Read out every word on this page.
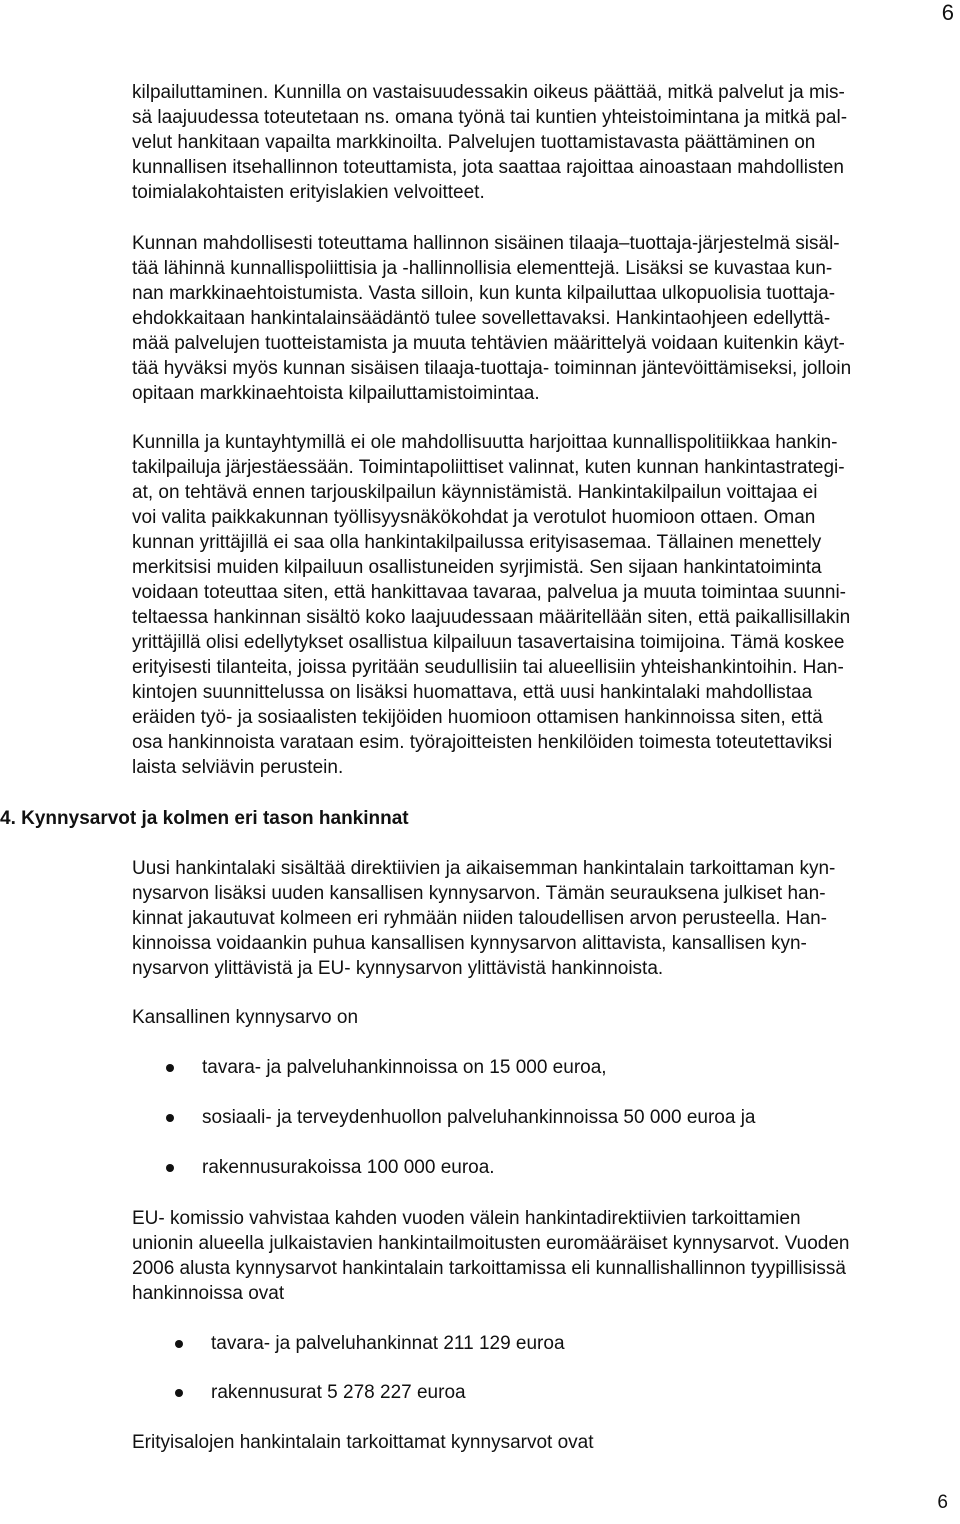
6
kilpailuttaminen. Kunnilla on vastaisuudessakin oikeus päättää, mitkä palvelut ja mis-
sä laajuudessa toteutetaan ns. omana työnä tai kuntien yhteistoimintana ja mitkä pal-
velut hankitaan vapailta markkinoilta. Palvelujen tuottamistavasta päättäminen on
kunnallisen itsehallinnon toteuttamista, jota saattaa rajoittaa ainoastaan mahdollisten
toimialakohtaisten erityislakien velvoitteet.
Kunnan mahdollisesti toteuttama hallinnon sisäinen tilaaja–tuottaja-järjestelmä sisäl-
tää lähinnä kunnallispoliittisia ja -hallinnollisia elementtejä. Lisäksi se kuvastaa kun-
nan markkinaehtoistumista. Vasta silloin, kun kunta kilpailuttaa ulkopuolisia tuottaja-
ehdokkaitaan hankintalainsäädäntö tulee sovellettavaksi. Hankintaohjeen edellyttä-
mää palvelujen tuotteistamista ja muuta tehtävien määrittelyä voidaan kuitenkin käyt-
tää hyväksi myös kunnan sisäisen tilaaja-tuottaja- toiminnan jäntevöittämiseksi, jolloin
opitaan markkinaehtoista kilpailuttamistoimintaa.
Kunnilla ja kuntayhtymillä ei ole mahdollisuutta harjoittaa kunnallispolitiikkaa hankin-
takilpailuja järjestäessään. Toimintapoliittiset valinnat, kuten kunnan hankintastrategi-
at, on tehtävä ennen tarjouskilpailun käynnistämistä. Hankintakilpailun voittajaa ei
voi valita paikkakunnan työllisyysnäkökohdat ja verotulot huomioon ottaen. Oman
kunnan yrittäjillä ei saa olla hankintakilpailussa erityisasemaa. Tällainen menettely
merkitsisi muiden kilpailuun osallistuneiden syrjimistä. Sen sijaan hankintatoiminta
voidaan toteuttaa siten, että hankittavaa tavaraa, palvelua ja muuta toimintaa suunni-
teltaessa hankinnan sisältö koko laajuudessaan määritellään siten, että paikallisillakin
yrittäjillä olisi edellytykset osallistua kilpailuun tasavertaisina toimijoina. Tämä koskee
erityisesti tilanteita, joissa pyritään seudullisiin tai alueellisiin yhteishankintoihin. Han-
kintojen suunnittelussa on lisäksi huomattava, että uusi hankintalaki mahdollistaa
eräiden työ- ja sosiaalisten tekijöiden huomioon ottamisen hankinnoissa siten, että
osa hankinnoista varataan esim. työrajoitteisten henkilöiden toimesta toteutettaviksi
laista selviävin perustein.
4. Kynnysarvot ja kolmen eri tason hankinnat
Uusi hankintalaki sisältää direktiivien ja aikaisemman hankintalain tarkoittaman kyn-
nysarvon lisäksi uuden kansallisen kynnysarvon. Tämän seurauksena julkiset han-
kinnat jakautuvat kolmeen eri ryhmään niiden taloudellisen arvon perusteella. Han-
kinnoissa voidaankin puhua kansallisen kynnysarvon alittavista, kansallisen kyn-
nysarvon ylittävistä ja EU- kynnysarvon ylittävistä hankinnoista.
Kansallinen kynnysarvo on
tavara- ja palveluhankinnoissa on 15 000 euroa,
sosiaali- ja terveydenhuollon palveluhankinnoissa 50 000 euroa ja
rakennusurakoissa 100 000 euroa.
EU- komissio vahvistaa kahden vuoden välein hankintadirektiivien tarkoittamien
unionin alueella julkaistavien hankintailmoitusten euromääräiset kynnysarvot. Vuoden
2006 alusta kynnysarvot hankintalain tarkoittamissa eli kunnallishallinnon tyypillisissä
hankinnoissa ovat
tavara- ja palveluhankinnat 211 129 euroa
rakennusurat 5 278 227 euroa
Erityisalojen hankintalain tarkoittamat kynnysarvot ovat
6
